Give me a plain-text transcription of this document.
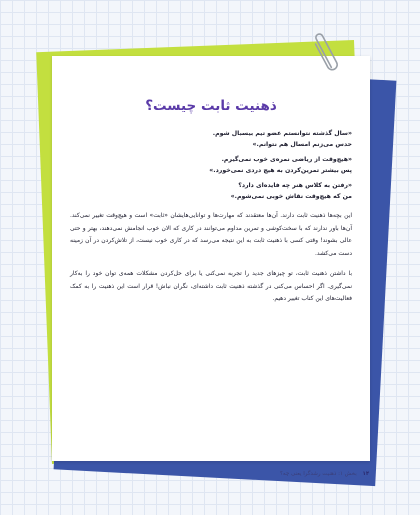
ذهنیت ثابت چیست؟
«سال گذشته نتوانستم عضو تیم بیسبال شوم.
حدس می‌زنم امسال هم نتوانم.»
«هیچ‌وقت از ریاضی نمره‌ی خوب نمی‌گیرم.
پس بیشتر تمرین‌کردن به هیچ دردی نمی‌خورد.»
«رفتن به کلاس هنر چه فایده‌ای دارد؟
من که هیچ‌وقت نقاش خوبی نمی‌شوم.»
این بچه‌ها ذهنیت ثابت دارند. آن‌ها معتقدند که مهارت‌ها و توانایی‌هایشان «ثابت» است و هیچ‌وقت تغییر نمی‌کند. آن‌ها باور ندارند که با سخت‌کوشی و تمرین مداوم می‌توانند در کاری که الان خوب انجامش نمی‌دهند، بهتر و حتی عالی بشوند! وقتی کسی با ذهنیت ثابت به این نتیجه می‌رسد که در کاری خوب نیست، از تلاش‌کردن در آن زمینه دست می‌کشد.
با داشتن ذهنیت ثابت، تو چیزهای جدید را تجربه نمی‌کنی یا برای حل‌کردن مشکلات همه‌ی توان خود را به‌کار نمی‌گیری. اگر احساس می‌کنی در گذشته ذهنیت ثابت داشته‌ای، نگران نباش! قرار است این ذهنیت را به کمک فعالیت‌های این کتاب تغییر دهیم.
۱۴ بخش ۱: ذهنیت رشدگرا یعنی چه؟
